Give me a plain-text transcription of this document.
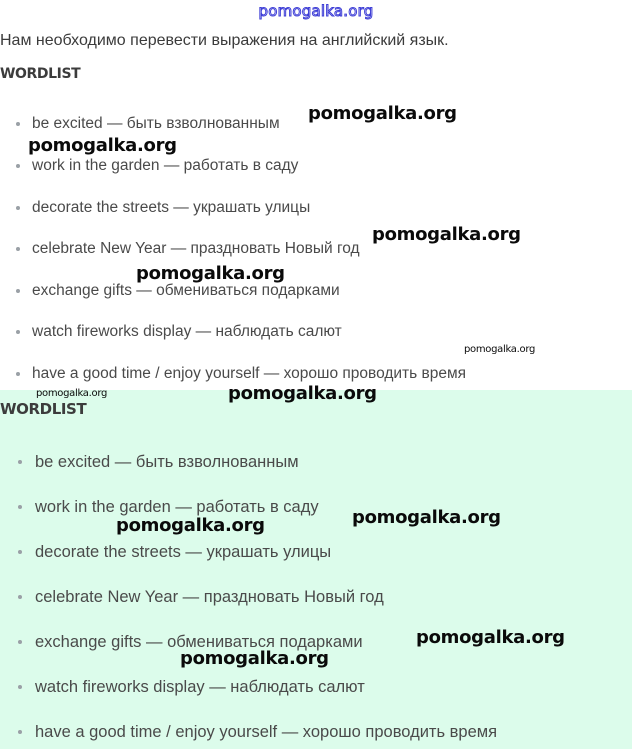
pomogalka.org
Нам необходимо перевести выражения на английский язык.
WORDLIST
be excited — быть взволнованным
work in the garden — работать в саду
decorate the streets — украшать улицы
celebrate New Year — праздновать Новый год
exchange gifts — обмениваться подарками
watch fireworks display — наблюдать салют
have a good time / enjoy yourself — хорошо проводить время
WORDLIST
be excited — быть взволнованным
work in the garden — работать в саду
decorate the streets — украшать улицы
celebrate New Year — праздновать Новый год
exchange gifts — обмениваться подарками
watch fireworks display — наблюдать салют
have a good time / enjoy yourself — хорошо проводить время
pomogalka.org
pomogalka.org
pomogalka.org
pomogalka.org
pomogalka.org
pomogalka.org	pomogalka.org
pomogalka.org	pomogalka.org
pomogalka.org
pomogalka.org
